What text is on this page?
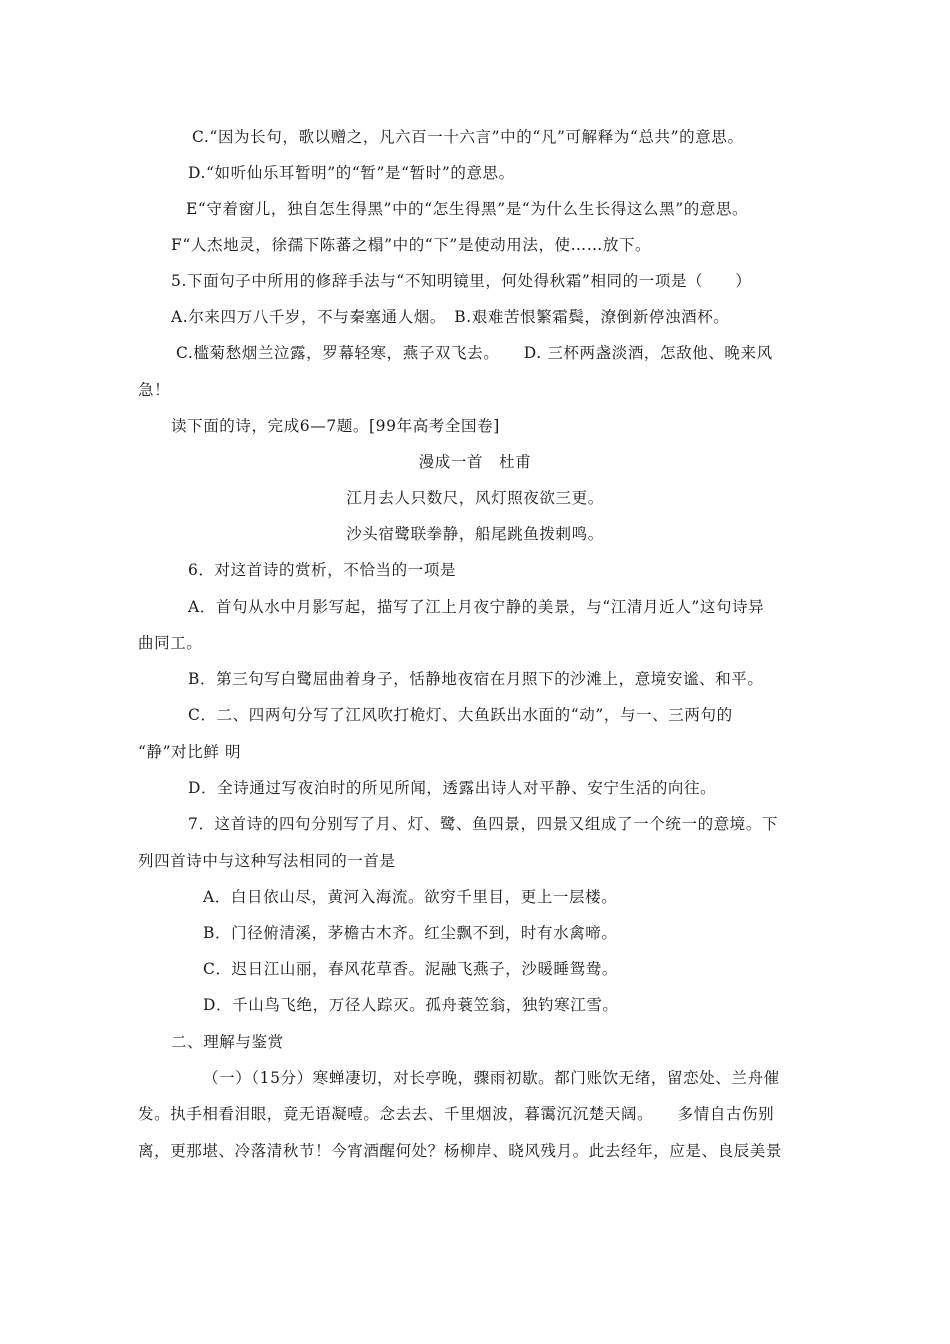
C.“因为长句，歌以赠之，凡六百一十六言”中的“凡”可解释为“总共”的意思。
D.“如听仙乐耳暂明”的“暂”是“暂时”的意思。
E“守着窗儿，独自怎生得黑”中的“怎生得黑”是“为什么生长得这么黑”的意思。
F“人杰地灵，徐孺下陈蕃之榻”中的“下”是使动用法，使……放下。
5.下面句子中所用的修辞手法与“不知明镜里，何处得秋霜”相同的一项是（　　）
A.尔来四万八千岁，不与秦塞通人烟。　B.艰难苦恨繁霜鬓，潦倒新停浊酒杯。
C.槛菊愁烟兰泣露，罗幕轻寒，燕子双飞去。　　D. 三杯两盏淡酒，怎敌他、晚来风
急！
读下面的诗，完成6—7题。[99年高考全国卷]
漫成一首　杜甫
江月去人只数尺，风灯照夜欲三更。
沙头宿鹭联拳静，船尾跳鱼拨剌鸣。
6．对这首诗的赏析，不恰当的一项是
A．首句从水中月影写起，描写了江上月夜宁静的美景，与“江清月近人”这句诗异
曲同工。
B．第三句写白鹭屈曲着身子，恬静地夜宿在月照下的沙滩上，意境安谧、和平。
C．二、四两句分写了江风吹打桅灯、大鱼跃出水面的“动”，与一、三两句的
“静”对比鲜 明
D．全诗通过写夜泊时的所见所闻，透露出诗人对平静、安宁生活的向往。
7．这首诗的四句分别写了月、灯、鹭、鱼四景，四景又组成了一个统一的意境。下
列四首诗中与这种写法相同的一首是
A．白日依山尽，黄河入海流。欲穷千里目，更上一层楼。
B．门径俯清溪，茅檐古木齐。红尘飘不到，时有水禽啼。
C．迟日江山丽，春风花草香。泥融飞燕子，沙暖睡鸳鸯。
D．千山鸟飞绝，万径人踪灭。孤舟蓑笠翁，独钓寒江雪。
二、理解与鉴赏
（一）（15分）寒蝉凄切，对长亭晚，骤雨初歇。都门账饮无绪，留恋处、兰舟催
发。执手相看泪眼，竟无语凝噎。念去去、千里烟波，暮霭沉沉楚天阔。　　多情自古伤别
离，更那堪、冷落清秋节！今宵酒醒何处？杨柳岸、晓风残月。此去经年，应是、良辰美景
